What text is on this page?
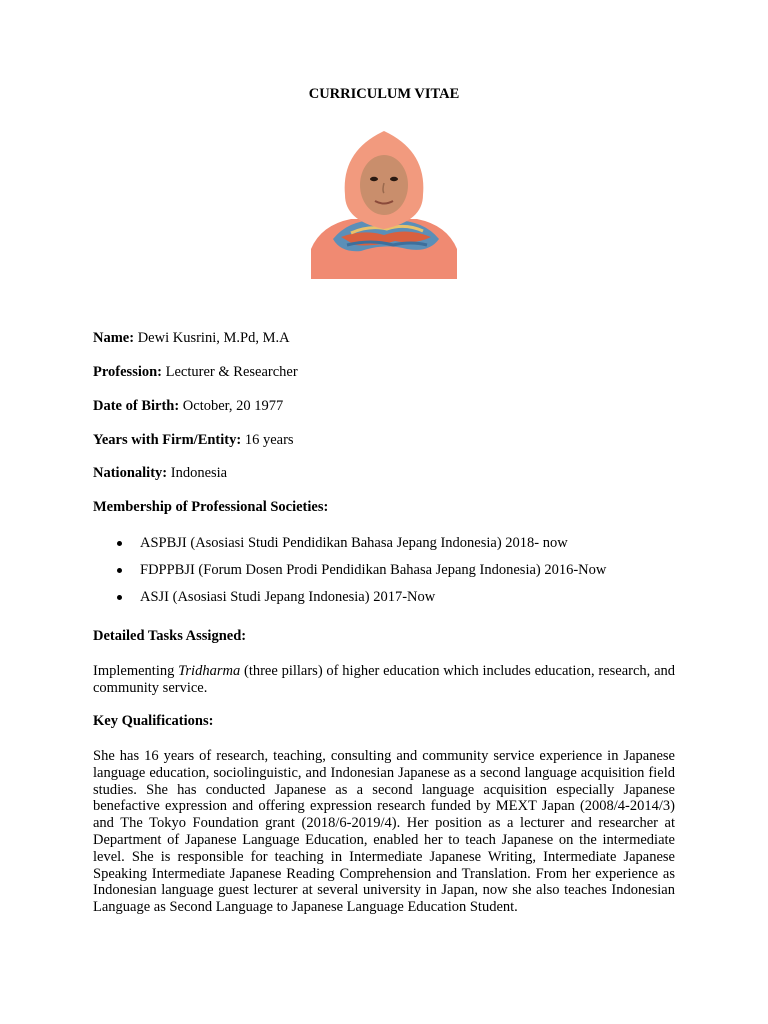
CURRICULUM VITAE
Name: Dewi Kusrini, M.Pd, M.A
Profession: Lecturer & Researcher
Date of Birth: October, 20 1977
Years with Firm/Entity: 16 years
Nationality: Indonesia
Membership of Professional Societies:
ASPBJI (Asosiasi Studi Pendidikan Bahasa Jepang Indonesia) 2018- now
FDPPBJI (Forum Dosen Prodi Pendidikan Bahasa Jepang Indonesia) 2016-Now
ASJI (Asosiasi Studi Jepang Indonesia) 2017-Now
Detailed Tasks Assigned:
Implementing Tridharma (three pillars) of higher education which includes education, research, and community service.
Key Qualifications:
She has 16 years of research, teaching, consulting and community service experience in Japanese language education, sociolinguistic, and Indonesian Japanese as a second language acquisition field studies. She has conducted Japanese as a second language acquisition especially Japanese benefactive expression and offering expression research funded by MEXT Japan (2008/4-2014/3) and The Tokyo Foundation grant (2018/6-2019/4). Her position as a lecturer and researcher at Department of Japanese Language Education, enabled her to teach Japanese on the intermediate level. She is responsible for teaching in Intermediate Japanese Writing, Intermediate Japanese Speaking Intermediate Japanese Reading Comprehension and Translation. From her experience as Indonesian language guest lecturer at several university in Japan, now she also teaches Indonesian Language as Second Language to Japanese Language Education Student.
